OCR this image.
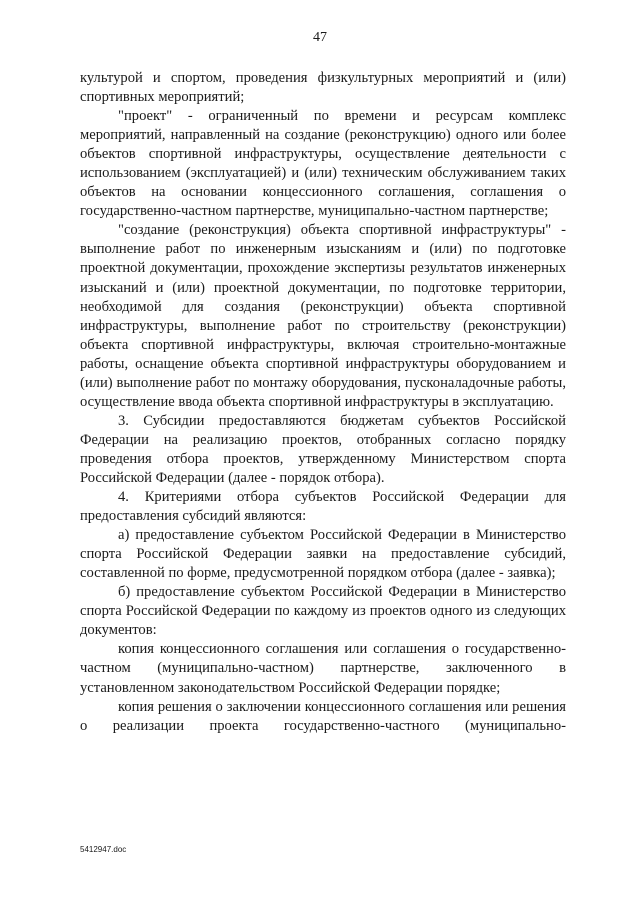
47

культурой и спортом, проведения физкультурных мероприятий и (или) спортивных мероприятий;

"проект" - ограниченный по времени и ресурсам комплекс мероприятий, направленный на создание (реконструкцию) одного или более объектов спортивной инфраструктуры, осуществление деятельности с использованием (эксплуатацией) и (или) техническим обслуживанием таких объектов на основании концессионного соглашения, соглашения о государственно-частном партнерстве, муниципально-частном партнерстве;

"создание (реконструкция) объекта спортивной инфраструктуры" - выполнение работ по инженерным изысканиям и (или) по подготовке проектной документации, прохождение экспертизы результатов инженерных изысканий и (или) проектной документации, по подготовке территории, необходимой для создания (реконструкции) объекта спортивной инфраструктуры, выполнение работ по строительству (реконструкции) объекта спортивной инфраструктуры, включая строительно-монтажные работы, оснащение объекта спортивной инфраструктуры оборудованием и (или) выполнение работ по монтажу оборудования, пусконаладочные работы, осуществление ввода объекта спортивной инфраструктуры в эксплуатацию.

3. Субсидии предоставляются бюджетам субъектов Российской Федерации на реализацию проектов, отобранных согласно порядку проведения отбора проектов, утвержденному Министерством спорта Российской Федерации (далее - порядок отбора).

4. Критериями отбора субъектов Российской Федерации для предоставления субсидий являются:

а) предоставление субъектом Российской Федерации в Министерство спорта Российской Федерации заявки на предоставление субсидий, составленной по форме, предусмотренной порядком отбора (далее - заявка);

б) предоставление субъектом Российской Федерации в Министерство спорта Российской Федерации по каждому из проектов одного из следующих документов:

копия концессионного соглашения или соглашения о государственно-частном (муниципально-частном) партнерстве, заключенного в установленном законодательством Российской Федерации порядке;

копия решения о заключении концессионного соглашения или решения о реализации проекта государственно-частного (муниципально-

5412947.doc
